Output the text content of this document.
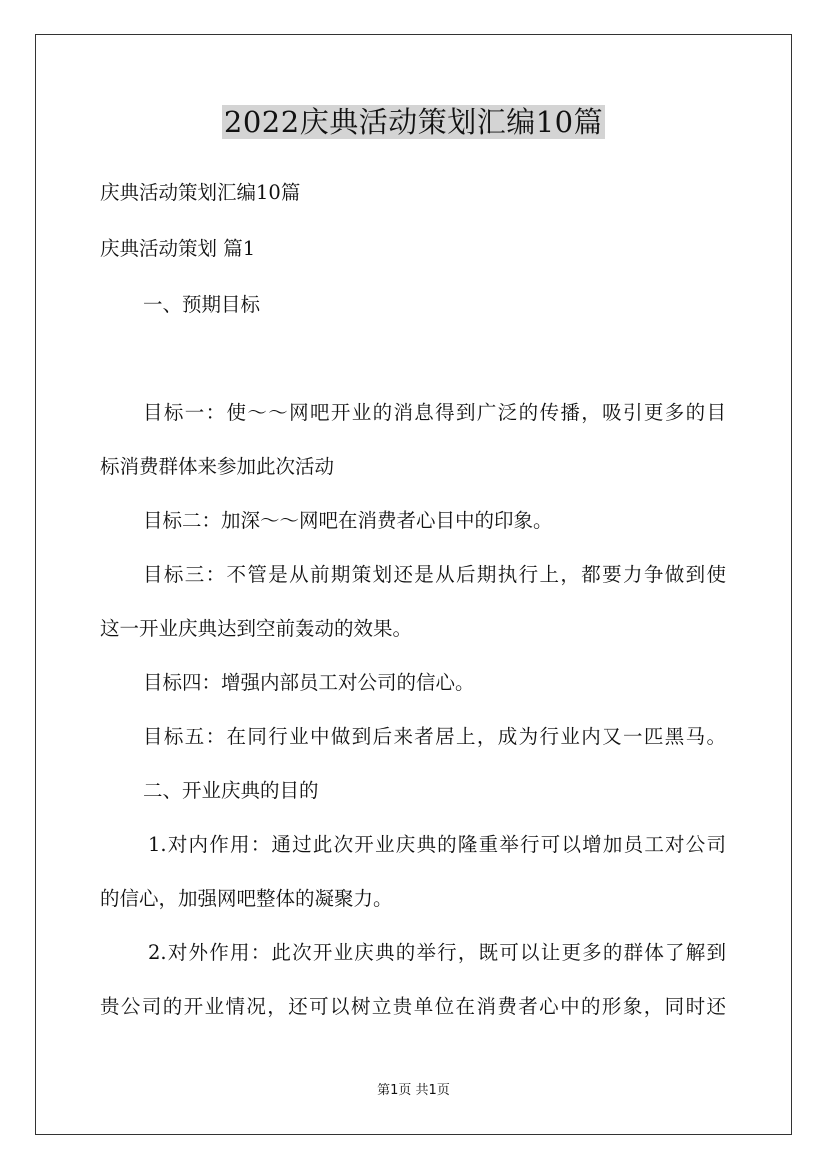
2022庆典活动策划汇编10篇
庆典活动策划汇编10篇
庆典活动策划 篇1
一、预期目标
目标一：使～～网吧开业的消息得到广泛的传播，吸引更多的目
标消费群体来参加此次活动
目标二：加深～～网吧在消费者心目中的印象。
目标三：不管是从前期策划还是从后期执行上，都要力争做到使
这一开业庆典达到空前轰动的效果。
目标四：增强内部员工对公司的信心。
目标五：在同行业中做到后来者居上，成为行业内又一匹黑马。
二、开业庆典的目的
1.对内作用：通过此次开业庆典的隆重举行可以增加员工对公司
的信心，加强网吧整体的凝聚力。
2.对外作用：此次开业庆典的举行，既可以让更多的群体了解到
贵公司的开业情况，还可以树立贵单位在消费者心中的形象，同时还
第1页 共1页
